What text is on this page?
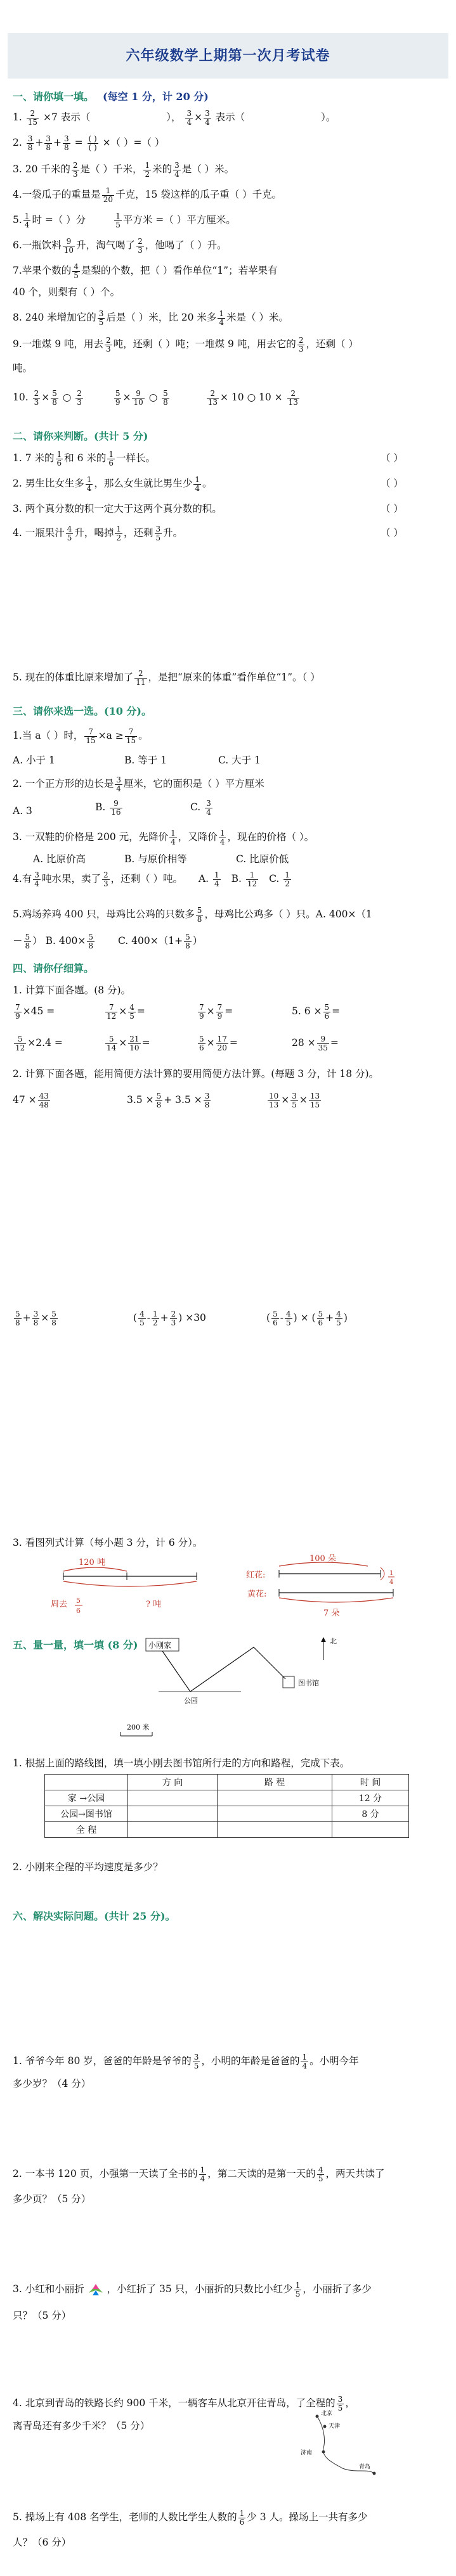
六年级数学上期第一次月考试卷
一、请你填一填。 (每空 1 分，计 20 分)
1. $\frac{2}{15} \times 7$ 表示（	）， $\frac{3}{4} \times \frac{3}{4}$ 表示（	）。
2. $\frac{3}{8} + \frac{3}{8} + \frac{3}{8} = \frac{( )}{( )}$ ×（ ）=（ ）
3. 20 千米的 $\frac{2}{3}$ 是（ ）千米， $\frac{1}{2}$ 米的 $\frac{3}{4}$ 是（ ）米。
4.一袋瓜子的重量是 $\frac{1}{20}$ 千克，15 袋这样的瓜子重（ ）千克。
5. $\frac{1}{4}$ 时 =（ ）分	$\frac{1}{5}$ 平方米 =（ ）平方厘米。
6.一瓶饮料 $\frac{9}{10}$ 升，淘气喝了 $\frac{2}{3}$ ，他喝了（ ）升。
7.苹果个数的 $\frac{4}{5}$ 是梨的个数，把（ ）看作单位“1”；若苹果有
40 个，则梨有（ ）个。
8. 240 米增加它的 $\frac{3}{5}$ 后是（ ）米，比 20 米多 $\frac{1}{4}$ 米是（ ）米。
9.一堆煤 9 吨，用去 $\frac{2}{3}$ 吨，还剩（ ）吨；一堆煤 9 吨，用去它的 $\frac{2}{3}$ ，还剩（ ）
吨。
10. $\frac{2}{3} \times \frac{5}{8}$ ○ $\frac{2}{3}$
	$\frac{5}{9} \times \frac{9}{10}$ ○ $\frac{5}{8}$
	$\frac{2}{13} \times 10$ ○ $10 \times \frac{2}{13}$
二、请你来判断。(共计 5 分)
1. 7 米的 $\frac{1}{6}$ 和 6 米的 $\frac{1}{6}$ 一样长。	（ ）
2. 男生比女生多 $\frac{1}{4}$ ，那么女生就比男生少 $\frac{1}{4}$ 。	（ ）
3. 两个真分数的积一定大于这两个真分数的积。	（ ）
4. 一瓶果汁 $\frac{4}{5}$ 升，喝掉 $\frac{1}{2}$ ，还剩 $\frac{3}{5}$ 升。	（ ）
5. 现在的体重比原来增加了 $\frac{2}{11}$ ，是把“原来的体重”看作单位“1”。（ ）
三、请你来选一选。(10 分)。
1.当 a（ ）时， $\frac{7}{15} \times a \ge \frac{7}{15}$ 。
A. 小于 1	B. 等于 1	C. 大于 1
2. 一个正方形的边长是 $\frac{3}{4}$ 厘米，它的面积是（ ）平方厘米
A. 3	B. $\frac{9}{16}$	C. $\frac{3}{4}$
3. 一双鞋的价格是 200 元，先降价 $\frac{1}{4}$ ，又降价 $\frac{1}{4}$ ，现在的价格（ ）。
A. 比原价高	B. 与原价相等	C. 比原价低
4.有 $\frac{3}{4}$ 吨水果，卖了 $\frac{2}{3}$ ，还剩（ ）吨。 A. $\frac{1}{4} B$. $\frac{1}{12} C$. $\frac{1}{2}$
5.鸡场养鸡 400 只，母鸡比公鸡的只数多 $\frac{5}{8}$ ，母鸡比公鸡多（ ）只。A. 400×（1
－ $\frac{5}{8}$ ） B. $400\times \frac{5}{8} C$. $400\times(1+ \frac{5}{8}$ ）
四、请你仔细算。
1. 计算下面各题。(8 分)。
$\frac{7}{9} \times 45$ =	$\frac{7}{12} \times \frac{4}{5}$ =	$\frac{7}{9} \times \frac{7}{9}$ =	5. $6 \times \frac{5}{6}$ =
$\frac{5}{12} \times 2.4$ =	$\frac{5}{14} \times \frac{21}{10}$ =	$\frac{5}{6} \times \frac{17}{20}$ =	$28 \times \frac{9}{35}$ =
2. 计算下面各题，能用简便方法计算的要用简便方法计算。(每题 3 分，计 18 分)。
$47 \times \frac{43}{48}$	$3.5 \times \frac{5}{8} + 3.5 \times \frac{3}{8}$	$\frac{10}{13} \times \frac{3}{5} \times \frac{13}{15}$
$\frac{5}{8} + \frac{3}{8} \times \frac{5}{8}$	( $\frac{4}{5} - \frac{1}{2} + \frac{2}{3}$ ) ×30	( $\frac{5}{6} - \frac{4}{5}$ ) × ( $\frac{5}{6} + \frac{4}{5}$ )
3. 看图列式计算（每小题 3 分，计 6 分）。
120 吨
周去 5
6
? 吨
100 朵
红花:
黄花:
1
4
7 朵
五、量一量，填一填 (8 分) 小刚家
公园
图书馆
北
200 米
1. 根据上面的路线图，填一填小刚去图书馆所行走的方向和路程，完成下表。
	方 向	路 程	时 间
家 →公园			12 分
公园→图书馆			8 分
全 程			
2. 小刚来全程的平均速度是多少？
六、解决实际问题。(共计 25 分)。
1. 爷爷今年 80 岁，爸爸的年龄是爷爷的 $\frac{3}{5}$ ，小明的年龄是爸爸的 $\frac{1}{4}$ 。小明今年
多少岁？（4 分）
2. 一本书 120 页，小强第一天读了全书的 $\frac{1}{4}$ ，第二天读的是第一天的 $\frac{4}{5}$ ，两天共读了
多少页？（5 分）
3. 小红和小丽折 ，小红折了 35 只，小丽折的只数比小红少 $\frac{1}{5}$ ，小丽折了多少
只？（5 分）
4. 北京到青岛的铁路长约 900 千米，一辆客车从北京开往青岛，了全程的 $\frac{3}{5}$ ，
离青岛还有多少千米？（5 分）
北京
天津
济南
青岛
5. 操场上有 408 名学生，老师的人数比学生人数的 $\frac{1}{6}$ 少 3 人。操场上一共有多少
人？（6 分）
